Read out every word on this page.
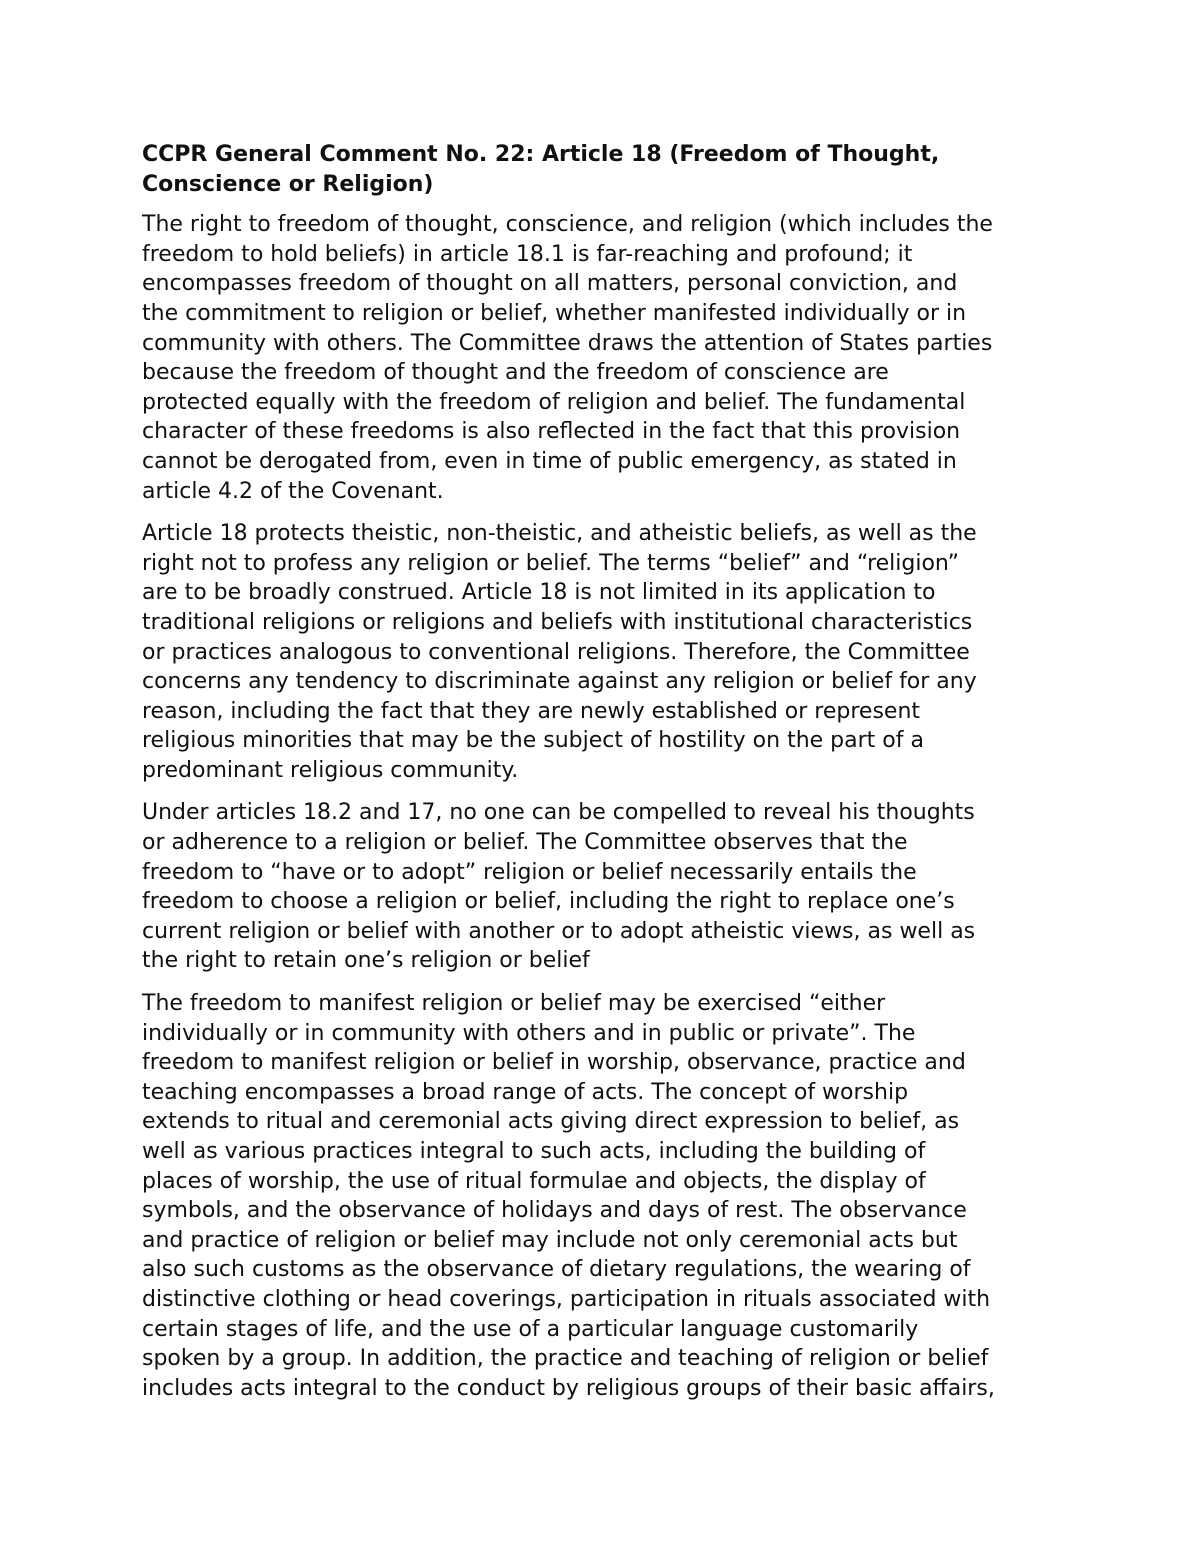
CCPR General Comment No. 22: Article 18 (Freedom of Thought,
Conscience or Religion)
The right to freedom of thought, conscience, and religion (which includes the
freedom to hold beliefs) in article 18.1 is far-reaching and profound; it
encompasses freedom of thought on all matters, personal conviction, and
the commitment to religion or belief, whether manifested individually or in
community with others. The Committee draws the attention of States parties
because the freedom of thought and the freedom of conscience are
protected equally with the freedom of religion and belief. The fundamental
character of these freedoms is also reflected in the fact that this provision
cannot be derogated from, even in time of public emergency, as stated in
article 4.2 of the Covenant.
Article 18 protects theistic, non-theistic, and atheistic beliefs, as well as the
right not to profess any religion or belief. The terms “belief” and “religion”
are to be broadly construed. Article 18 is not limited in its application to
traditional religions or religions and beliefs with institutional characteristics
or practices analogous to conventional religions. Therefore, the Committee
concerns any tendency to discriminate against any religion or belief for any
reason, including the fact that they are newly established or represent
religious minorities that may be the subject of hostility on the part of a
predominant religious community.
Under articles 18.2 and 17, no one can be compelled to reveal his thoughts
or adherence to a religion or belief. The Committee observes that the
freedom to “have or to adopt” religion or belief necessarily entails the
freedom to choose a religion or belief, including the right to replace one’s
current religion or belief with another or to adopt atheistic views, as well as
the right to retain one’s religion or belief
The freedom to manifest religion or belief may be exercised “either
individually or in community with others and in public or private”. The
freedom to manifest religion or belief in worship, observance, practice and
teaching encompasses a broad range of acts. The concept of worship
extends to ritual and ceremonial acts giving direct expression to belief, as
well as various practices integral to such acts, including the building of
places of worship, the use of ritual formulae and objects, the display of
symbols, and the observance of holidays and days of rest. The observance
and practice of religion or belief may include not only ceremonial acts but
also such customs as the observance of dietary regulations, the wearing of
distinctive clothing or head coverings, participation in rituals associated with
certain stages of life, and the use of a particular language customarily
spoken by a group. In addition, the practice and teaching of religion or belief
includes acts integral to the conduct by religious groups of their basic affairs,
